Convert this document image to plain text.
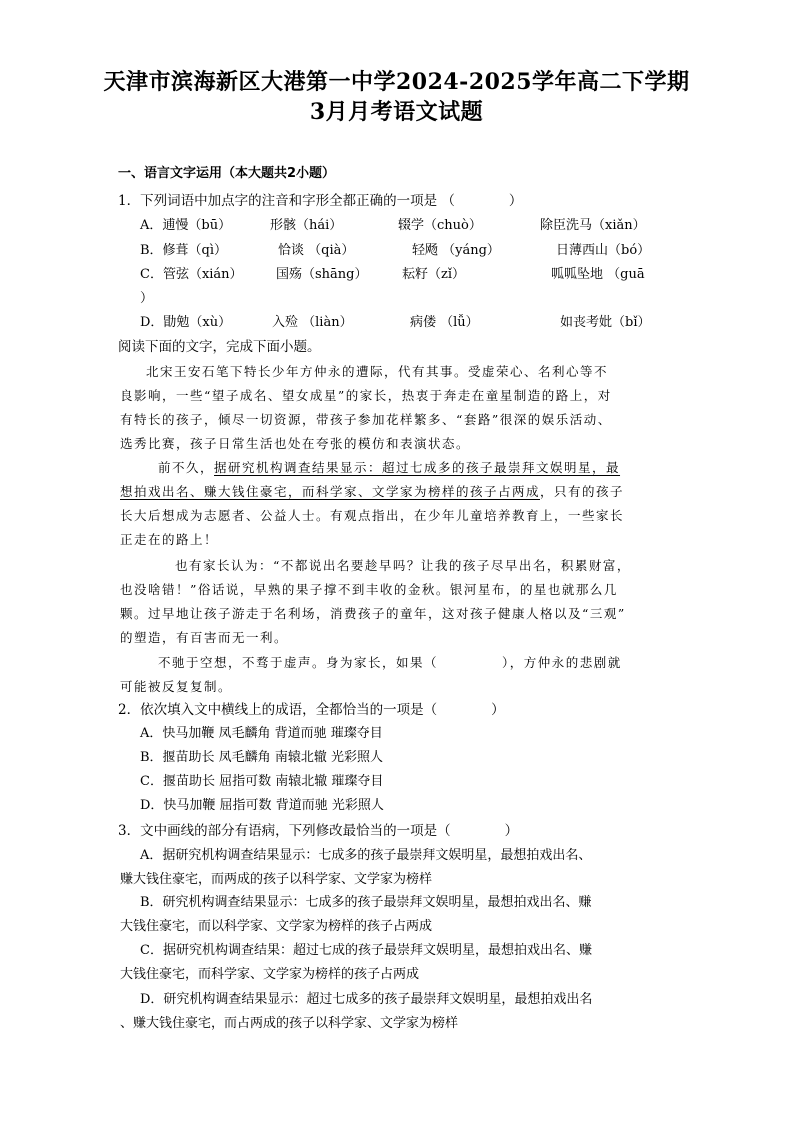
天津市滨海新区大港第一中学2024-2025学年高二下学期
3月月考语文试题
一、语言文字运用（本大题共2小题）
1．下列词语中加点字的注音和字形全都正确的一项是 （　　　　）
A．逋慢（bū）	形骸（hái）	辍学（chuò）	除臣洗马（xiǎn）
B．修葺（qì）	恰谈 （qià）	轻飏 （yáng）	日薄西山（bó）
C．管弦（xián）	国殇（shāng）	耘籽（zǐ）	呱呱坠地 （guā
）
D．勖勉（xù）	入殓 （liàn）	病偻 （lǚ）	如丧考妣（bǐ）
阅读下面的文字，完成下面小题。
北宋王安石笔下特长少年方仲永的遭际，代有其事。受虚荣心、名利心等不
良影响，一些“望子成名、望女成星”的家长，热衷于奔走在童星制造的路上，对
有特长的孩子，倾尽一切资源，带孩子参加花样繁多、“套路”很深的娱乐活动、
选秀比赛，孩子日常生活也处在夸张的模仿和表演状态。
前不久，据研究机构调查结果显示：超过七成多的孩子最崇拜文娱明星，最
想拍戏出名、赚大钱住豪宅，而科学家、文学家为榜样的孩子占两成，只有的孩子
长大后想成为志愿者、公益人士。有观点指出，在少年儿童培养教育上，一些家长
正走在的路上！
也有家长认为：“不都说出名要趁早吗？让我的孩子尽早出名，积累财富，
也没啥错！”俗话说，早熟的果子撑不到丰收的金秋。银河星布，的星也就那么几
颗。过早地让孩子游走于名利场，消费孩子的童年，这对孩子健康人格以及“三观”
的塑造，有百害而无一利。
不驰于空想，不骛于虚声。身为家长，如果（	），方仲永的悲剧就
可能被反复复制。
2．依次填入文中横线上的成语，全都恰当的一项是（　　　　）
A．快马加鞭 凤毛麟角 背道而驰 璀璨夺目
B．揠苗助长 凤毛麟角 南辕北辙 光彩照人
C．揠苗助长 屈指可数 南辕北辙 璀璨夺目
D．快马加鞭 屈指可数 背道而驰 光彩照人
3．文中画线的部分有语病，下列修改最恰当的一项是（　　　　）
A．据研究机构调查结果显示：七成多的孩子最崇拜文娱明星，最想拍戏出名、
赚大钱住豪宅，而两成的孩子以科学家、文学家为榜样
B．研究机构调查结果显示：七成多的孩子最崇拜文娱明星，最想拍戏出名、赚
大钱住豪宅，而以科学家、文学家为榜样的孩子占两成
C．据研究机构调查结果：超过七成的孩子最崇拜文娱明星，最想拍戏出名、赚
大钱住豪宅，而科学家、文学家为榜样的孩子占两成
D．研究机构调查结果显示：超过七成多的孩子最崇拜文娱明星，最想拍戏出名
、赚大钱住豪宅，而占两成的孩子以科学家、文学家为榜样
